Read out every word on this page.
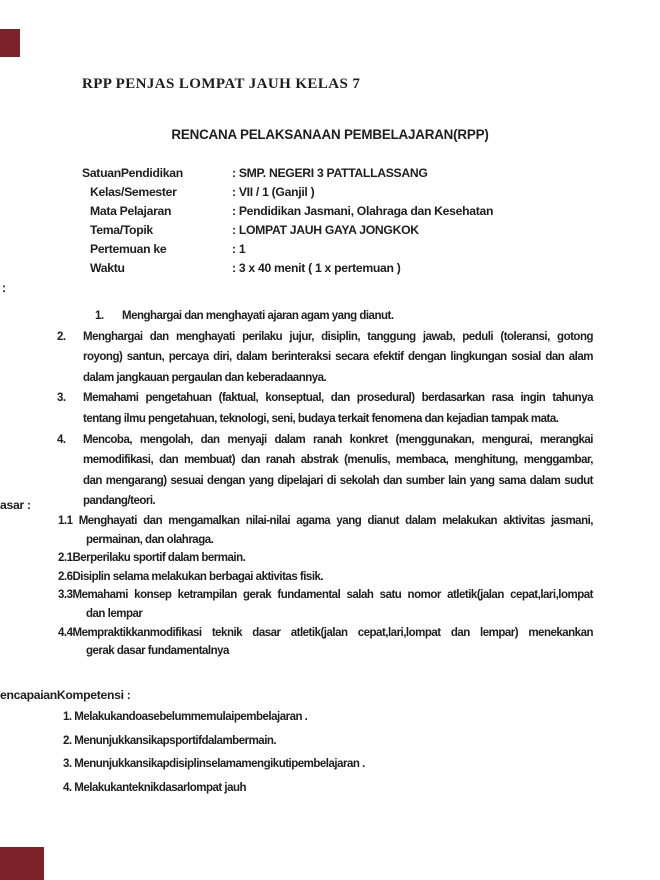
RPP PENJAS LOMPAT JAUH KELAS 7
RENCANA PELAKSANAAN PEMBELAJARAN(RPP)
SatuanPendidikan	: SMP. NEGERI 3 PATTALLASSANG
Kelas/Semester	: VII / 1 (Ganjil )
Mata Pelajaran	: Pendidikan Jasmani, Olahraga dan Kesehatan
Tema/Topik	: LOMPAT JAUH GAYA JONGKOK
Pertemuan ke	: 1
Waktu	: 3 x 40 menit ( 1 x pertemuan )
:
1.	Menghargai dan menghayati ajaran agam yang dianut.
2.	Menghargai dan menghayati perilaku jujur, disiplin, tanggung jawab, peduli (toleransi, gotong
royong) santun, percaya diri, dalam berinteraksi secara efektif dengan lingkungan sosial dan alam
dalam jangkauan pergaulan dan keberadaannya.
3.	Memahami pengetahuan (faktual, konseptual, dan prosedural) berdasarkan rasa ingin tahunya
tentang ilmu pengetahuan, teknologi, seni, budaya terkait fenomena dan kejadian tampak mata.
4.	Mencoba, mengolah, dan menyaji dalam ranah konkret (menggunakan, mengurai, merangkai
memodifikasi, dan membuat) dan ranah abstrak (menulis, membaca, menghitung, menggambar,
dan mengarang) sesuai dengan yang dipelajari di sekolah dan sumber lain yang sama dalam sudut
pandang/teori.
asar :
1.1 Menghayati dan mengamalkan nilai-nilai agama yang dianut dalam melakukan aktivitas jasmani,
permainan, dan olahraga.
2.1Berperilaku sportif dalam bermain.
2.6Disiplin selama melakukan berbagai aktivitas fisik.
3.3Memahami konsep ketrampilan gerak fundamental salah satu nomor atletik(jalan cepat,lari,lompat
dan lempar
4.4Mempraktikkanmodifikasi teknik dasar atletik(jalan cepat,lari,lompat dan lempar) menekankan
gerak dasar fundamentalnya
encapaianKompetensi :
1. Melakukandoasebelummemulaipembelajaran .
2. Menunjukkansikapsportifdalambermain.
3. Menunjukkansikapdisiplinselamamengikutipembelajaran .
4. Melakukanteknikdasarlompat jauh
